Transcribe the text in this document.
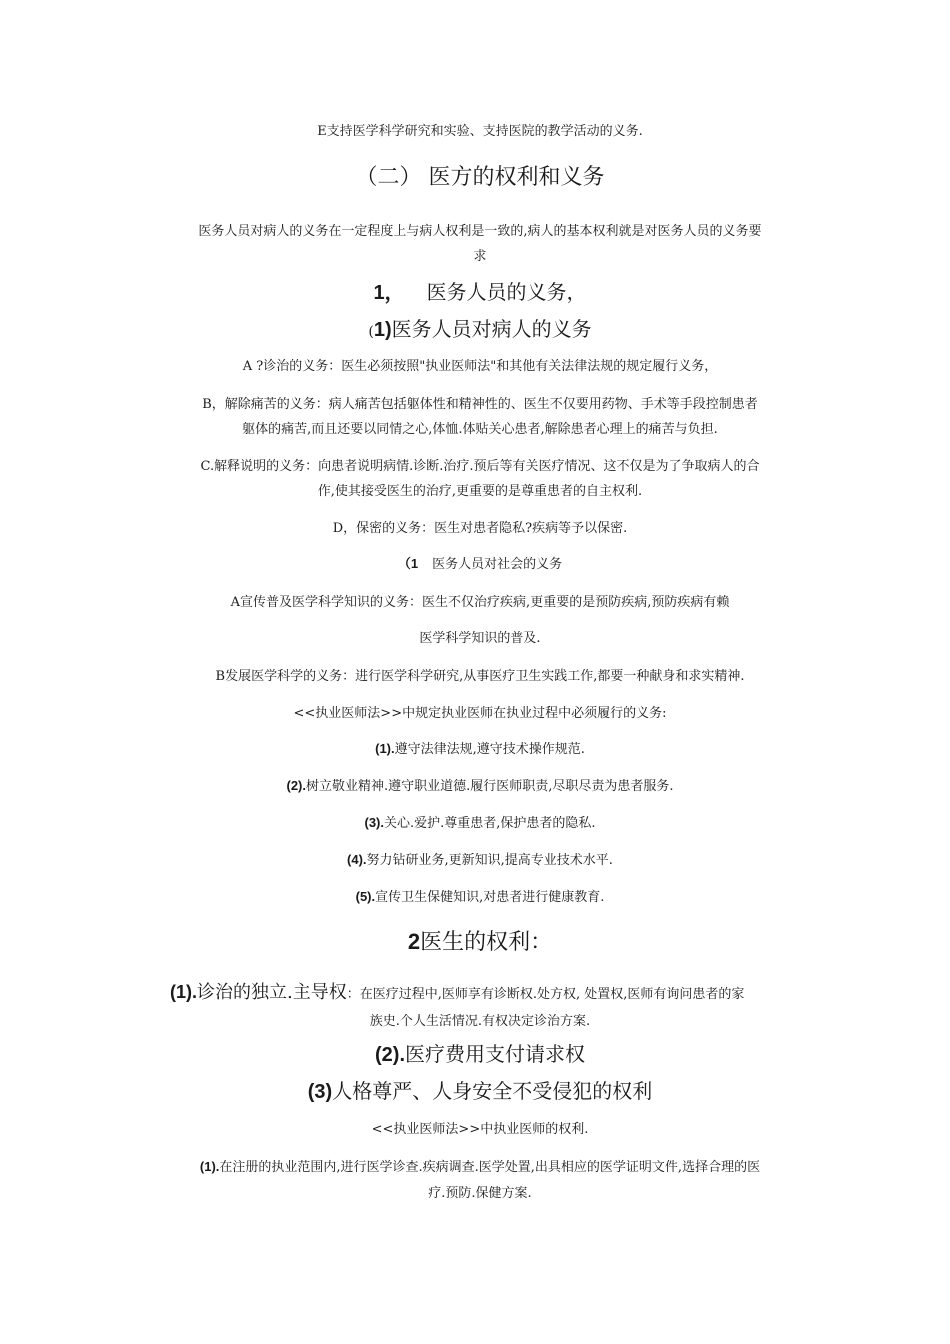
E支持医学科学研究和实验、支持医院的教学活动的义务.
（二） 医方的权利和义务
医务人员对病人的义务在一定程度上与病人权利是一致的,病人的基本权利就是对医务人员的义务要
求
1， 医务人员的义务，
(1)医务人员对病人的义务
A ?诊治的义务：医生必须按照"执业医师法"和其他有关法律法规的规定履行义务，
B，解除痛苦的义务：病人痛苦包括躯体性和精神性的、医生不仅要用药物、手术等手段控制患者
躯体的痛苦,而且还要以同情之心,体恤.体贴关心患者,解除患者心理上的痛苦与负担.
C.解释说明的义务：向患者说明病情.诊断.治疗.预后等有关医疗情况、这不仅是为了争取病人的合
作,使其接受医生的治疗,更重要的是尊重患者的自主权利.
D，保密的义务：医生对患者隐私?疾病等予以保密.
（1 医务人员对社会的义务
A宣传普及医学科学知识的义务：医生不仅治疗疾病,更重要的是预防疾病,预防疾病有赖
医学科学知识的普及.
B发展医学科学的义务：进行医学科学研究,从事医疗卫生实践工作,都要一种献身和求实精神.
<<执业医师法>>中规定执业医师在执业过程中必须履行的义务:
(1).遵守法律法规,遵守技术操作规范.
(2).树立敬业精神.遵守职业道德.履行医师职责,尽职尽责为患者服务.
(3).关心.爱护.尊重患者,保护患者的隐私.
(4).努力钻研业务,更新知识,提高专业技术水平.
(5).宣传卫生保健知识,对患者进行健康教育.
2医生的权利：
(1).诊治的独立.主导权：在医疗过程中,医师享有诊断权.处方权, 处置权,医师有询问患者的家
族史.个人生活情况.有权决定诊治方案.
(2).医疗费用支付请求权
(3)人格尊严、人身安全不受侵犯的权利
<<执业医师法>>中执业医师的权利.
(1).在注册的执业范围内,进行医学诊查.疾病调查.医学处置,出具相应的医学证明文件,选择合理的医
疗.预防.保健方案.
